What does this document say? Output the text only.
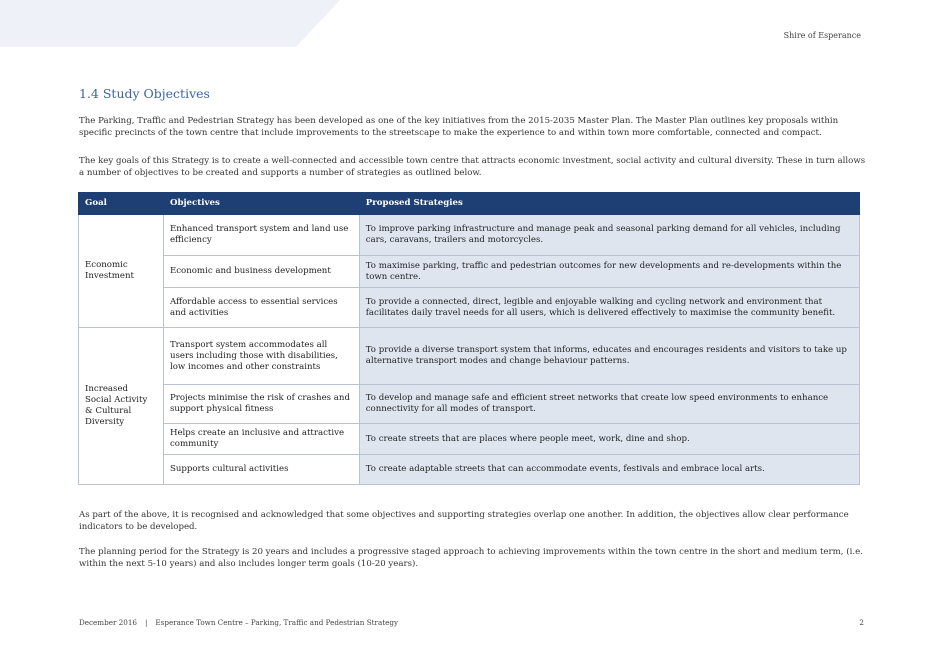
Shire of Esperance
1.4 Study Objectives

The Parking, Traffic and Pedestrian Strategy has been developed as one of the key initiatives from the 2015-2035 Master Plan. The Master Plan outlines key proposals within specific precincts of the town centre that include improvements to the streetscape to make the experience to and within town more comfortable, connected and compact.

The key goals of this Strategy is to create a well-connected and accessible town centre that attracts economic investment, social activity and cultural diversity. These in turn allows a number of objectives to be created and supports a number of strategies as outlined below.

Goal	Objectives	Proposed Strategies
Economic Investment	Enhanced transport system and land use efficiency	To improve parking infrastructure and manage peak and seasonal parking demand for all vehicles, including cars, caravans, trailers and motorcycles.
	Economic and business development	To maximise parking, traffic and pedestrian outcomes for new developments and re-developments within the town centre.
	Affordable access to essential services and activities	To provide a connected, direct, legible and enjoyable walking and cycling network and environment that facilitates daily travel needs for all users, which is delivered effectively to maximise the community benefit.
Increased Social Activity & Cultural Diversity	Transport system accommodates all users including those with disabilities, low incomes and other constraints	To provide a diverse transport system that informs, educates and encourages residents and visitors to take up alternative transport modes and change behaviour patterns.
	Projects minimise the risk of crashes and support physical fitness	To develop and manage safe and efficient street networks that create low speed environments to enhance connectivity for all modes of transport.
	Helps create an inclusive and attractive community	To create streets that are places where people meet, work, dine and shop.
	Supports cultural activities	To create adaptable streets that can accommodate events, festivals and embrace local arts.

As part of the above, it is recognised and acknowledged that some objectives and supporting strategies overlap one another. In addition, the objectives allow clear performance indicators to be developed.

The planning period for the Strategy is 20 years and includes a progressive staged approach to achieving improvements within the town centre in the short and medium term, (i.e. within the next 5-10 years) and also includes longer term goals (10-20 years).

December 2016 | Esperance Town Centre – Parking, Traffic and Pedestrian Strategy	2
